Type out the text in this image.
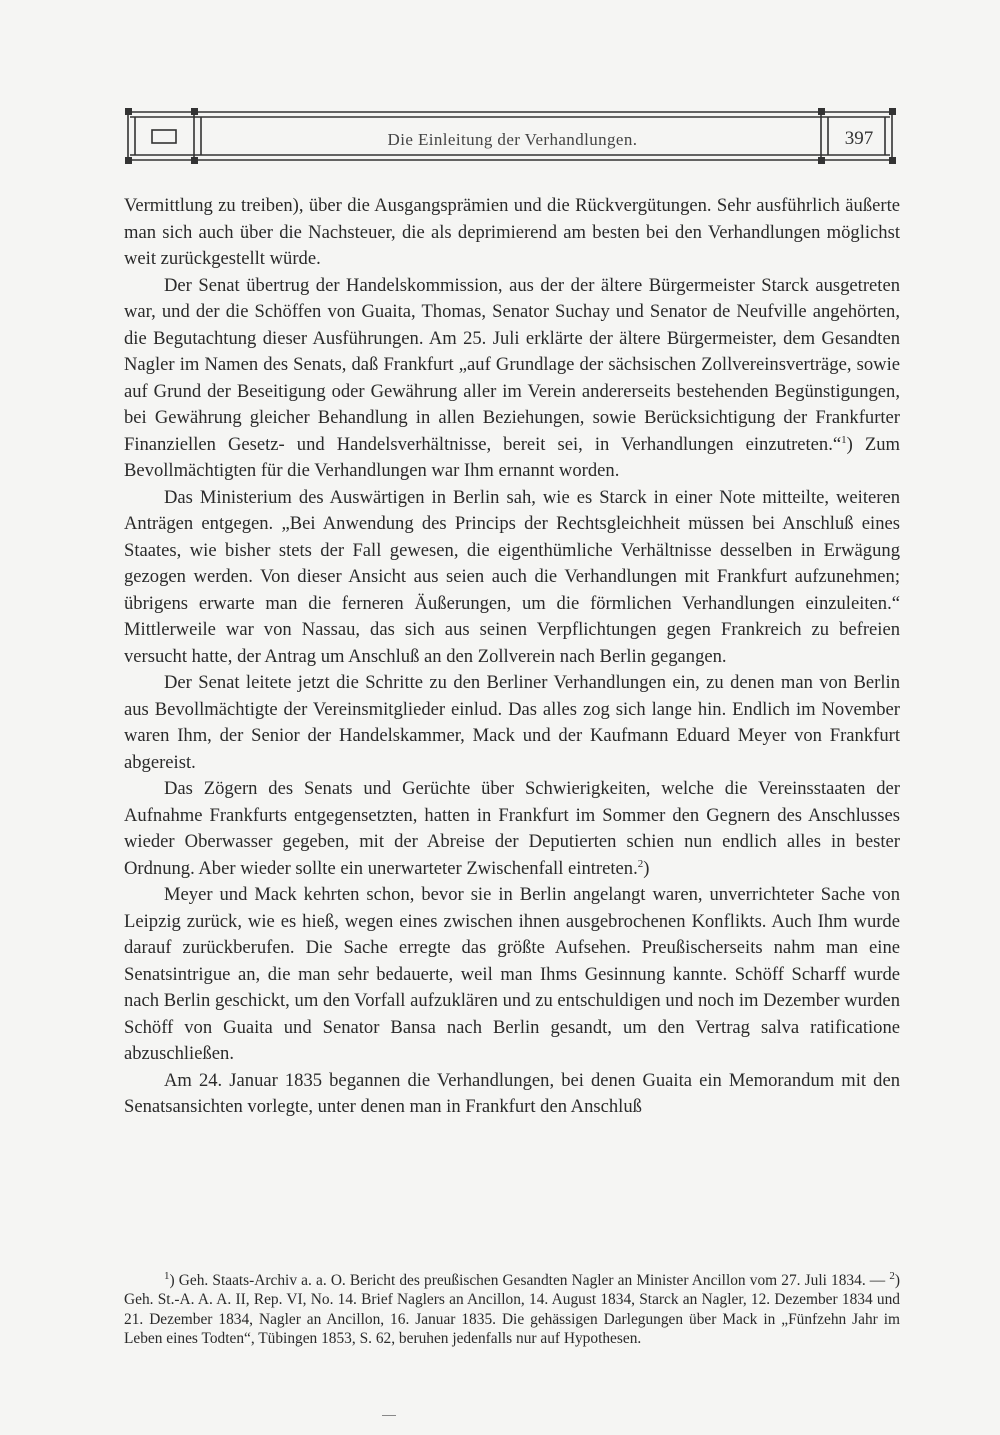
Die Einleitung der Verhandlungen.	397

Vermittlung zu treiben), über die Ausgangsprämien und die Rückvergütungen. Sehr ausführlich äußerte man sich auch über die Nachsteuer, die als deprimierend am besten bei den Verhandlungen möglichst weit zurückgestellt würde.

Der Senat übertrug der Handelskommission, aus der der ältere Bürgermeister Starck ausgetreten war, und der die Schöffen von Guaita, Thomas, Senator Suchay und Senator de Neufville angehörten, die Begutachtung dieser Ausführungen. Am 25. Juli erklärte der ältere Bürgermeister, dem Gesandten Nagler im Namen des Senats, daß Frankfurt „auf Grundlage der sächsischen Zollvereinsverträge, sowie auf Grund der Beseitigung oder Gewährung aller im Verein andererseits bestehenden Begünstigungen, bei Gewährung gleicher Behandlung in allen Beziehungen, sowie Berücksichtigung der Frankfurter Finanziellen Gesetz- und Handelsverhältnisse, bereit sei, in Verhandlungen einzutreten.“$^1$) Zum Bevollmächtigten für die Verhandlungen war Ihm ernannt worden.

Das Ministerium des Auswärtigen in Berlin sah, wie es Starck in einer Note mitteilte, weiteren Anträgen entgegen. „Bei Anwendung des Princips der Rechtsgleichheit müssen bei Anschluß eines Staates, wie bisher stets der Fall gewesen, die eigenthümliche Verhältnisse desselben in Erwägung gezogen werden. Von dieser Ansicht aus seien auch die Verhandlungen mit Frankfurt aufzunehmen; übrigens erwarte man die ferneren Äußerungen, um die förmlichen Verhandlungen einzuleiten.“ Mittlerweile war von Nassau, das sich aus seinen Verpflichtungen gegen Frankreich zu befreien versucht hatte, der Antrag um Anschluß an den Zollverein nach Berlin gegangen.

Der Senat leitete jetzt die Schritte zu den Berliner Verhandlungen ein, zu denen man von Berlin aus Bevollmächtigte der Vereinsmitglieder einlud. Das alles zog sich lange hin. Endlich im November waren Ihm, der Senior der Handelskammer, Mack und der Kaufmann Eduard Meyer von Frankfurt abgereist.

Das Zögern des Senats und Gerüchte über Schwierigkeiten, welche die Vereinsstaaten der Aufnahme Frankfurts entgegensetzten, hatten in Frankfurt im Sommer den Gegnern des Anschlusses wieder Oberwasser gegeben, mit der Abreise der Deputierten schien nun endlich alles in bester Ordnung. Aber wieder sollte ein unerwarteter Zwischenfall eintreten.$^2$)

Meyer und Mack kehrten schon, bevor sie in Berlin angelangt waren, unverrichteter Sache von Leipzig zurück, wie es hieß, wegen eines zwischen ihnen ausgebrochenen Konflikts. Auch Ihm wurde darauf zurückberufen. Die Sache erregte das größte Aufsehen. Preußischerseits nahm man eine Senatsintrigue an, die man sehr bedauerte, weil man Ihms Gesinnung kannte. Schöff Scharff wurde nach Berlin geschickt, um den Vorfall aufzuklären und zu entschuldigen und noch im Dezember wurden Schöff von Guaita und Senator Bansa nach Berlin gesandt, um den Vertrag salva ratificatione abzuschließen.

Am 24. Januar 1835 begannen die Verhandlungen, bei denen Guaita ein Memorandum mit den Senatsansichten vorlegte, unter denen man in Frankfurt den Anschluß

$^1$) Geh. Staats-Archiv a. a. O. Bericht des preußischen Gesandten Nagler an Minister Ancillon vom 27. Juli 1834. — $^2$) Geh. St.-A. A. A. II, Rep. VI, No. 14. Brief Naglers an Ancillon, 14. August 1834, Starck an Nagler, 12. Dezember 1834 und 21. Dezember 1834, Nagler an Ancillon, 16. Januar 1835. Die gehässigen Darlegungen über Mack in „Fünfzehn Jahr im Leben eines Todten“, Tübingen 1853, S. 62, beruhen jedenfalls nur auf Hypothesen.
